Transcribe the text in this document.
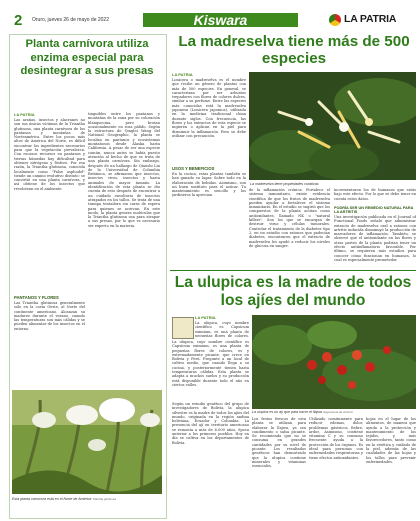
2 Oruro, jueves 26 de mayo de 2022	Kiswara	LA PATRIA
Planta carnívora utiliza enzima especial para desintegrar a sus presas
LA PATRIA
Las arañas, insectos y alacranes no son sus únicas víctimas de la Triantha glutinosa, una planta carnívora de los pantanos y montañas de Norteamérica. Entre los pocos más altos de América del Norte, es difícil encontrar los ingredientes necesarios para que la vegetación prevalezca. Con escasos recursos en pantanos y tierras húmedas hay dificultad para obtener nitrógeno y fósforo. Por esa razón, la Triantha glutinosa, conocida localmente como "False asphodel" tiende un camino evolutivo distinto: se convirtió en una planta carnívora, y así obtiene de los insectos que revolotean en el ambiente.
PANTANOS Y FLORES
Las Triantha glutinosa generalmente solo en la costa Oeste, al Norte del continente americano. Alcanzan su madurez durante el verano, cuando las temperaturas son más cálidas y se pueden alimentar de los insectos en el entorno.
tinguibles entre los pantanos y montañas de la zona por su coloración blanquecina, pero brotan ocasionalmente en rosa pálido. Según la estructura de Qinglei Wang del National Geographic, la planta se localiza en pantanos y ecosistemas montañosos desde Alaska hasta California. A pesar de ser una especie común, nunca antes se había puesto atención al hecho de que se trata de una planta carnívora. Sin embargo, después de un hallazgo de Qianshi Lin de la Universidad de Columbia Británica, se afirmaron que insectos, insectos vivos, insectos y hasta animales de mayor tamaño. La identificación de esta planta se dio cuenta de esto después de encontrar a un cuidado envoltorio de insectos atrapados en los tallos. Se trata de una trampa tentadora sin caras de espera para quienes se acercan. En este modo, la planta genera moléculas que la Triantha glutinosa usa para atrapar a sus presas, por lo que es necesario ser experto en la materia.
Esta planta carnívora está en el Norte de América Triantha glutinosa
La madreselva tiene más de 500 especies
LA PATRIA
Lonicera o madreselva es el nombre que recibe un género de plantas con más de 500 especies. En general, se caracterizan por ser arbustos trepadores con flores de colores dulces, similar a su perfume. Entre las especies más conocidas está la madreselva japonesa (Lonicera japonica), utilizada en la medicina tradicional china durante siglos. Con frecuencia, las flores y los extractos de esta especie se ingieren o aplican en la piel para disminuir la inflamación. Pero se debe utilizar con precaución.
USOS Y BENEFICIOS
En la cocina, estas plantas también se han ganado su lugar. Sobre todo en la elaboración de bebidas. Asimismo, son un buen sustituto para el azúcar. Tu mantenimiento es sencillo y los jardineros la aprecian.
La madreselva tiene propiedades curativas
de la inflamación crónica. Fortalece el sistema inmunitario, existe evidencia científica de que los frutos de madreselva pueden ayudar a fortalecer el sistema inmunitario. En el estudio se sugirió que los compuestos de la planta actúan como antioxidantes, llamado NK o "natural killers". Son los que se encargan de destruir virus y células tumorales. Controlar el tratamiento de la diabetes tipo 2, en un estudio con ratones que padecían diabetes, encontraron que el extracto de madreselva les ayudó a reducir los niveles de glucosa en sangre.
incrementaron los de humanos que estás bajo este efecto. Por lo que se debe tener en cuenta estos datos.
PODRÍA SER UN REMEDIO NATURAL PARA LA ARTRITIS
Una investigación publicada en el Journal of Functional Foods señaló que administrar extracto de madreselva oral a ratones con artritis inducida disminuyó la producción de marcadores de inflamación. También, se observó que el antioxidante en las flores y otras partes de la planta podrían tener un efecto antiinflamatorio favorable. Por último, se requieren más estudios para conocer cómo funcionan en humanos, lo cual es especialmente prometedor.
La ulupica es la madre de todos los ajíes del mundo
LA PATRIA
La ulupica, cuyo nombre científico es Capsicum eximium, es una planta de pequeñas flores de colores,
La ulupica, cuyo nombre científico es Capsicum eximium, es una planta de pequeñas flores de colores, es y extremadamente picante, que crece en Bolivia y Perú. Pregunte a un local de cultivo medio, que cuando llega a su cocina, y posteriormente tienen hasta temperaturas cálidas. Esta planta se adapta a muchos suelos y su producción está disponible durante todo el año en ciertos valles.
Según un estudio genético del grupo de investigadores de Bolivia, la ulupica silvestre es la madre de todos los ajíes del mundo, originada en la región andina boliviana, Ecuador y Colombia. La presencia del ají en territorio americano se remonta a más de 6.000 años, época anterior a los primeros pueblos. Hoy en día se cultiva en los departamentos de Bolivia.
La ulupica es un ají que para hacer el llajwa Sugerencia de Archivo
Los frutos frescos de esta planta se utilizan para elaborar la llajwa, ya sea condimento o salsa picante. Se recomienda que no se consuma en grandes cantidades por su nivel de picante. Los resultados genéticos han demostrado que la ulupica contiene minerales y vitaminas esenciales.
Utilizado comúnmente para reducir edemas, dolor, problemas gástricos, fiebre, ardor, Asimismo, contiene vitamina C y su consumo frecuente ayuda a la protección de los órganos. Es ideal para personas con enfermedades respiratorias y tiene efectos antioxidantes.
hojas en el lugar de los alimentos, de manera que ayuda a la protección y mantenimiento de los tejidos, y más favorecedores, tanto como en la estética y cuidado de la piel, además de las cualidades de las hojas y los tallos para prevenir enfermedades.
